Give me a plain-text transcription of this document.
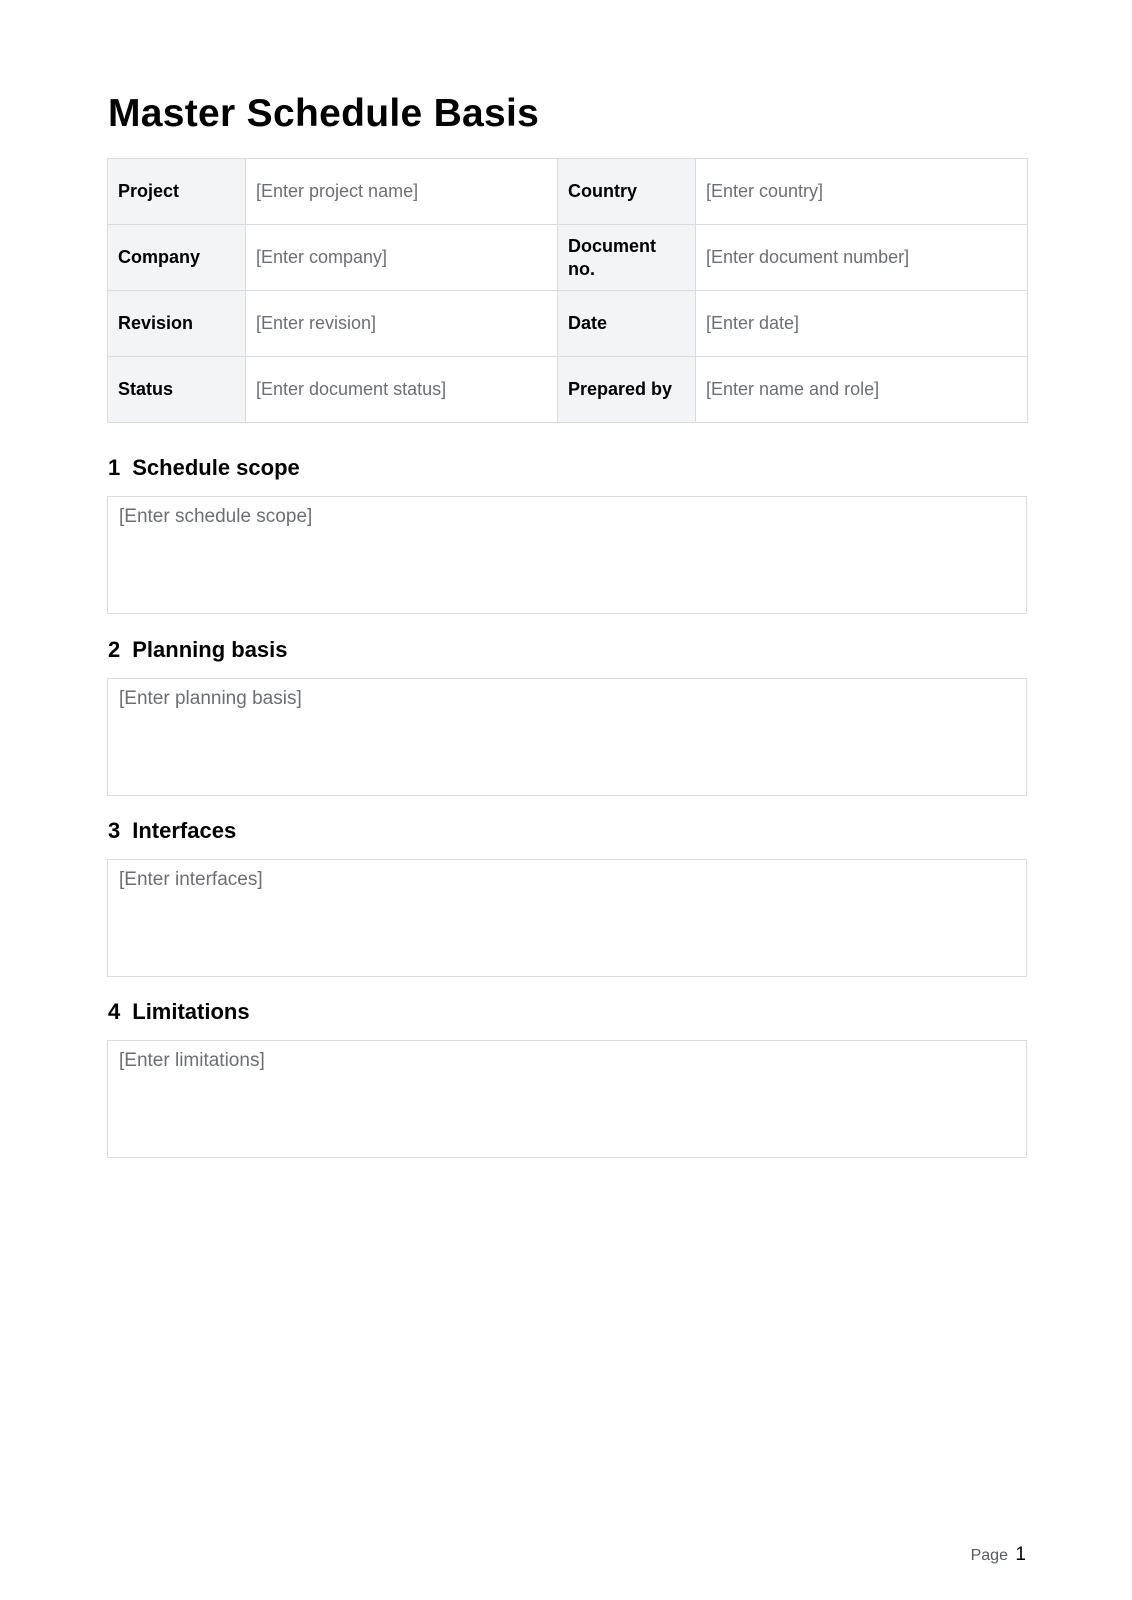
Master Schedule Basis
Project	[Enter project name]	Country	[Enter country]
Company	[Enter company]	Document no.	[Enter document number]
Revision	[Enter revision]	Date	[Enter date]
Status	[Enter document status]	Prepared by	[Enter name and role]
1 Schedule scope
[Enter schedule scope]
2 Planning basis
[Enter planning basis]
3 Interfaces
[Enter interfaces]
4 Limitations
[Enter limitations]
Page 1
